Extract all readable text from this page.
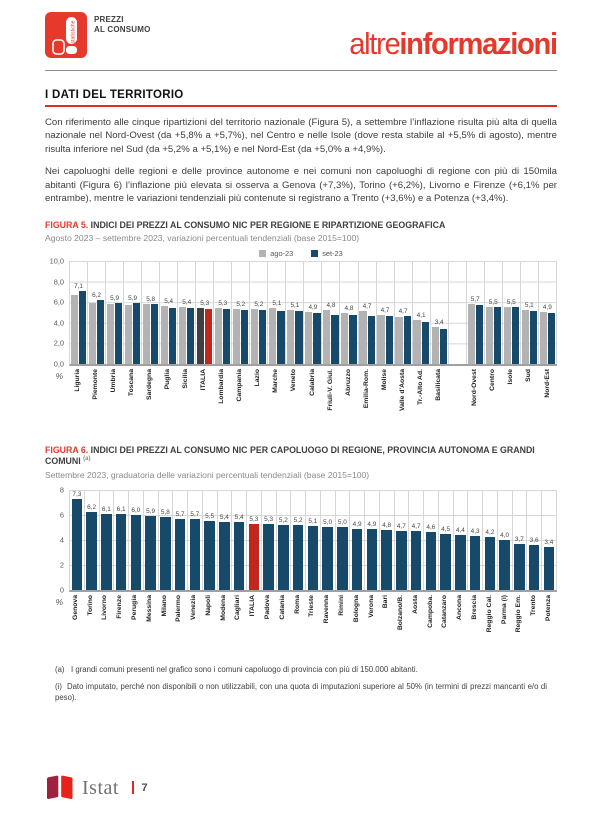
statistiche
PREZZI
AL CONSUMO	altreinformazioni
I DATI DEL TERRITORIO

Con riferimento alle cinque ripartizioni del territorio nazionale (Figura 5), a settembre l’inflazione risulta più alta di quella nazionale nel Nord-Ovest (da +5,8% a +5,7%), nel Centro e nelle Isole (dove resta stabile al +5,5% di agosto), mentre risulta inferiore nel Sud (da +5,2% a +5,1%) e nel Nord-Est (da +5,0% a +4,9%).

Nei capoluoghi delle regioni e delle province autonome e nei comuni non capoluoghi di regione con più di 150mila abitanti (Figura 6) l’inflazione più elevata si osserva a Genova (+7,3%), Torino (+6,2%), Livorno e Firenze (+6,1% per entrambe), mentre le variazioni tendenziali più contenute si registrano a Trento (+3,6%) e a Potenza (+3,4%).

FIGURA 5. INDICI DEI PREZZI AL CONSUMO NIC PER REGIONE E RIPARTIZIONE GEOGRAFICA
Agosto 2023 – settembre 2023, variazioni percentuali tendenziali (base 2015=100)
ago-23	set-23
10,0
8,0
6,0
4,0
2,0
0,0
%
7,1
6,2	5,9	5,9	5,8	5,4	5,4	5,3	5,3	5,2	5,2	5,1	5,1	4,9	4,8	4,8	4,7	4,7	4,7
4,1
3,4
5,7	5,5	5,5	5,1	4,9
Liguria Piemonte Umbria Toscana Sardegna Puglia Sicilia ITALIA Lombardia Campania Lazio Marche Veneto Calabria Friuli-V. Giul. Abruzzo Emilia-Rom. Molise Valle d'Aosta Tr.-Alto Ad. Basilicata	Nord-Ovest Centro Isole Sud Nord-Est
FIGURA 6. INDICI DEI PREZZI AL CONSUMO NIC PER CAPOLUOGO DI REGIONE, PROVINCIA AUTONOMA E GRANDI COMUNI $^{(a)}$
Settembre 2023, graduatoria delle variazioni percentuali tendenziali (base 2015=100)
8
6
4
2
0
%
7,3
6,2 6,1 6,1 6,0 5,9 5,8 5,7 5,7 5,5 5,4 5,4 5,3 5,3 5,2 5,2 5,1 5,0 5,0 4,9 4,9 4,8 4,7 4,7 4,6 4,5 4,4 4,3 4,2 4,0
3,7 3,6 3,4
Genova Torino Livorno Firenze Perugia Messina Milano Palermo Venezia Napoli Modena Cagliari ITALIA Padova Catania Roma Trieste Ravenna Rimini Bologna Verona Bari Bolzano/B. Aosta Campoba. Catanzaro Ancona Brescia Reggio Cal. Parma (i) Reggio Em. Trento Potenza
(a)   I grandi comuni presenti nel grafico sono i comuni capoluogo di provincia con più di 150.000 abitanti.
(i)  Dato imputato, perché non disponibili o non utilizzabili, con una quota di imputazioni superiore al 50% (in termini di prezzi mancanti e/o di peso).
Istat 7
